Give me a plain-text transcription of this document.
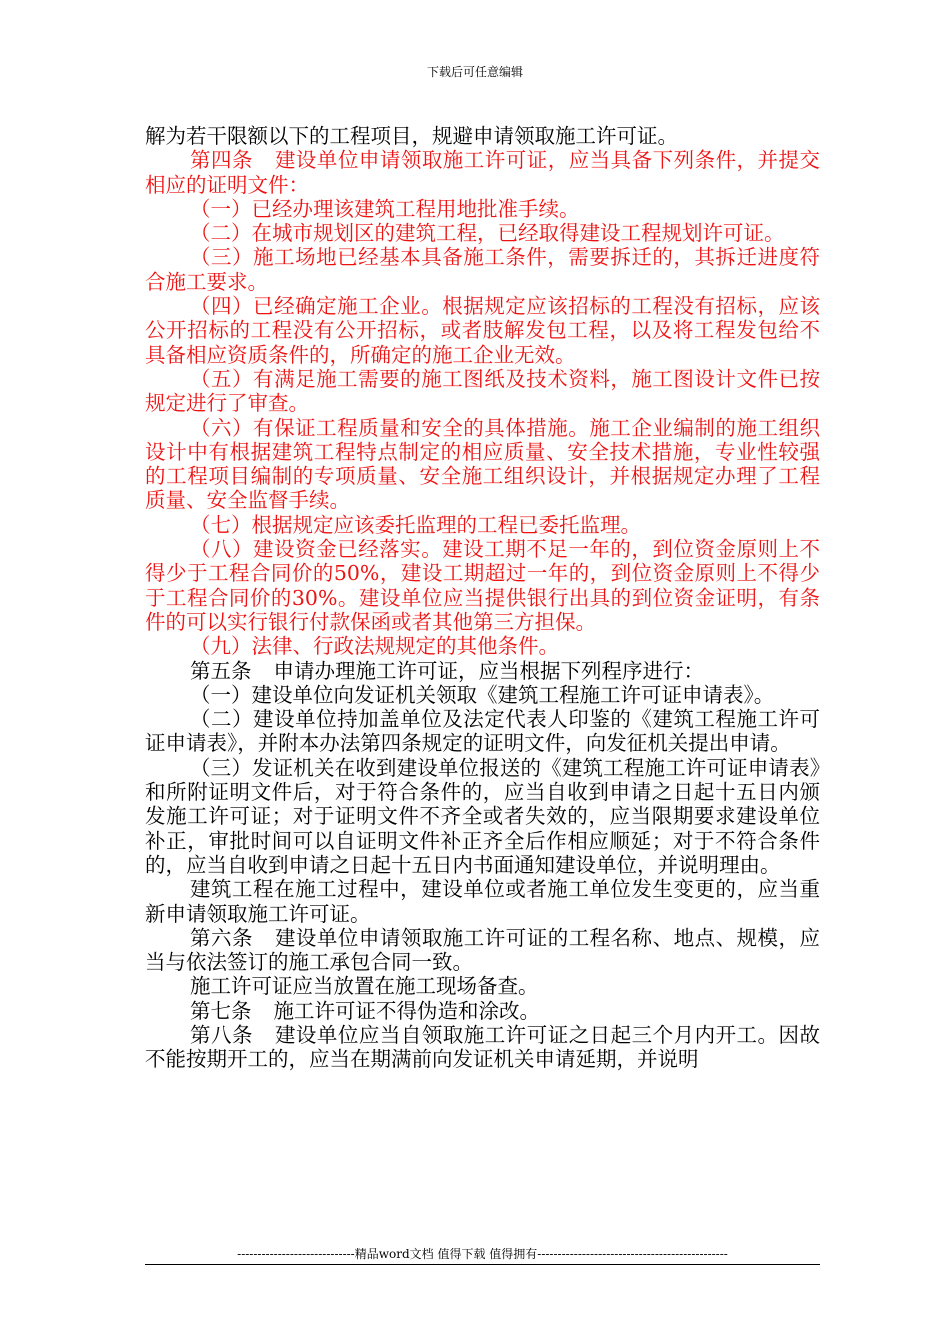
下载后可任意编辑

解为若干限额以下的工程项目，规避申请领取施工许可证。

第四条 建设单位申请领取施工许可证，应当具备下列条件，并提交相应的证明文件：

（一）已经办理该建筑工程用地批准手续。

（二）在城市规划区的建筑工程，已经取得建设工程规划许可证。

（三）施工场地已经基本具备施工条件，需要拆迁的，其拆迁进度符合施工要求。

（四）已经确定施工企业。根据规定应该招标的工程没有招标，应该公开招标的工程没有公开招标，或者肢解发包工程，以及将工程发包给不具备相应资质条件的，所确定的施工企业无效。

（五）有满足施工需要的施工图纸及技术资料，施工图设计文件已按规定进行了审查。

（六）有保证工程质量和安全的具体措施。施工企业编制的施工组织设计中有根据建筑工程特点制定的相应质量、安全技术措施，专业性较强的工程项目编制的专项质量、安全施工组织设计，并根据规定办理了工程质量、安全监督手续。

（七）根据规定应该委托监理的工程已委托监理。

（八）建设资金已经落实。建设工期不足一年的，到位资金原则上不得少于工程合同价的50%，建设工期超过一年的，到位资金原则上不得少于工程合同价的30%。建设单位应当提供银行出具的到位资金证明，有条件的可以实行银行付款保函或者其他第三方担保。

（九）法律、行政法规规定的其他条件。

第五条 申请办理施工许可证，应当根据下列程序进行：

（一）建设单位向发证机关领取《建筑工程施工许可证申请表》。

（二）建设单位持加盖单位及法定代表人印鉴的《建筑工程施工许可证申请表》，并附本办法第四条规定的证明文件，向发征机关提出申请。

（三）发证机关在收到建设单位报送的《建筑工程施工许可证申请表》和所附证明文件后，对于符合条件的，应当自收到申请之日起十五日内颁发施工许可证；对于证明文件不齐全或者失效的，应当限期要求建设单位补正，审批时间可以自证明文件补正齐全后作相应顺延；对于不符合条件的，应当自收到申请之日起十五日内书面通知建设单位，并说明理由。

建筑工程在施工过程中，建设单位或者施工单位发生变更的，应当重新申请领取施工许可证。

第六条 建设单位申请领取施工许可证的工程名称、地点、规模，应当与依法签订的施工承包合同一致。

施工许可证应当放置在施工现场备查。

第七条 施工许可证不得伪造和涂改。

第八条 建设单位应当自领取施工许可证之日起三个月内开工。因故不能按期开工的，应当在期满前向发证机关申请延期，并说明

-----------------------------精品word文档 值得下载 值得拥有-----------------------------------------------
